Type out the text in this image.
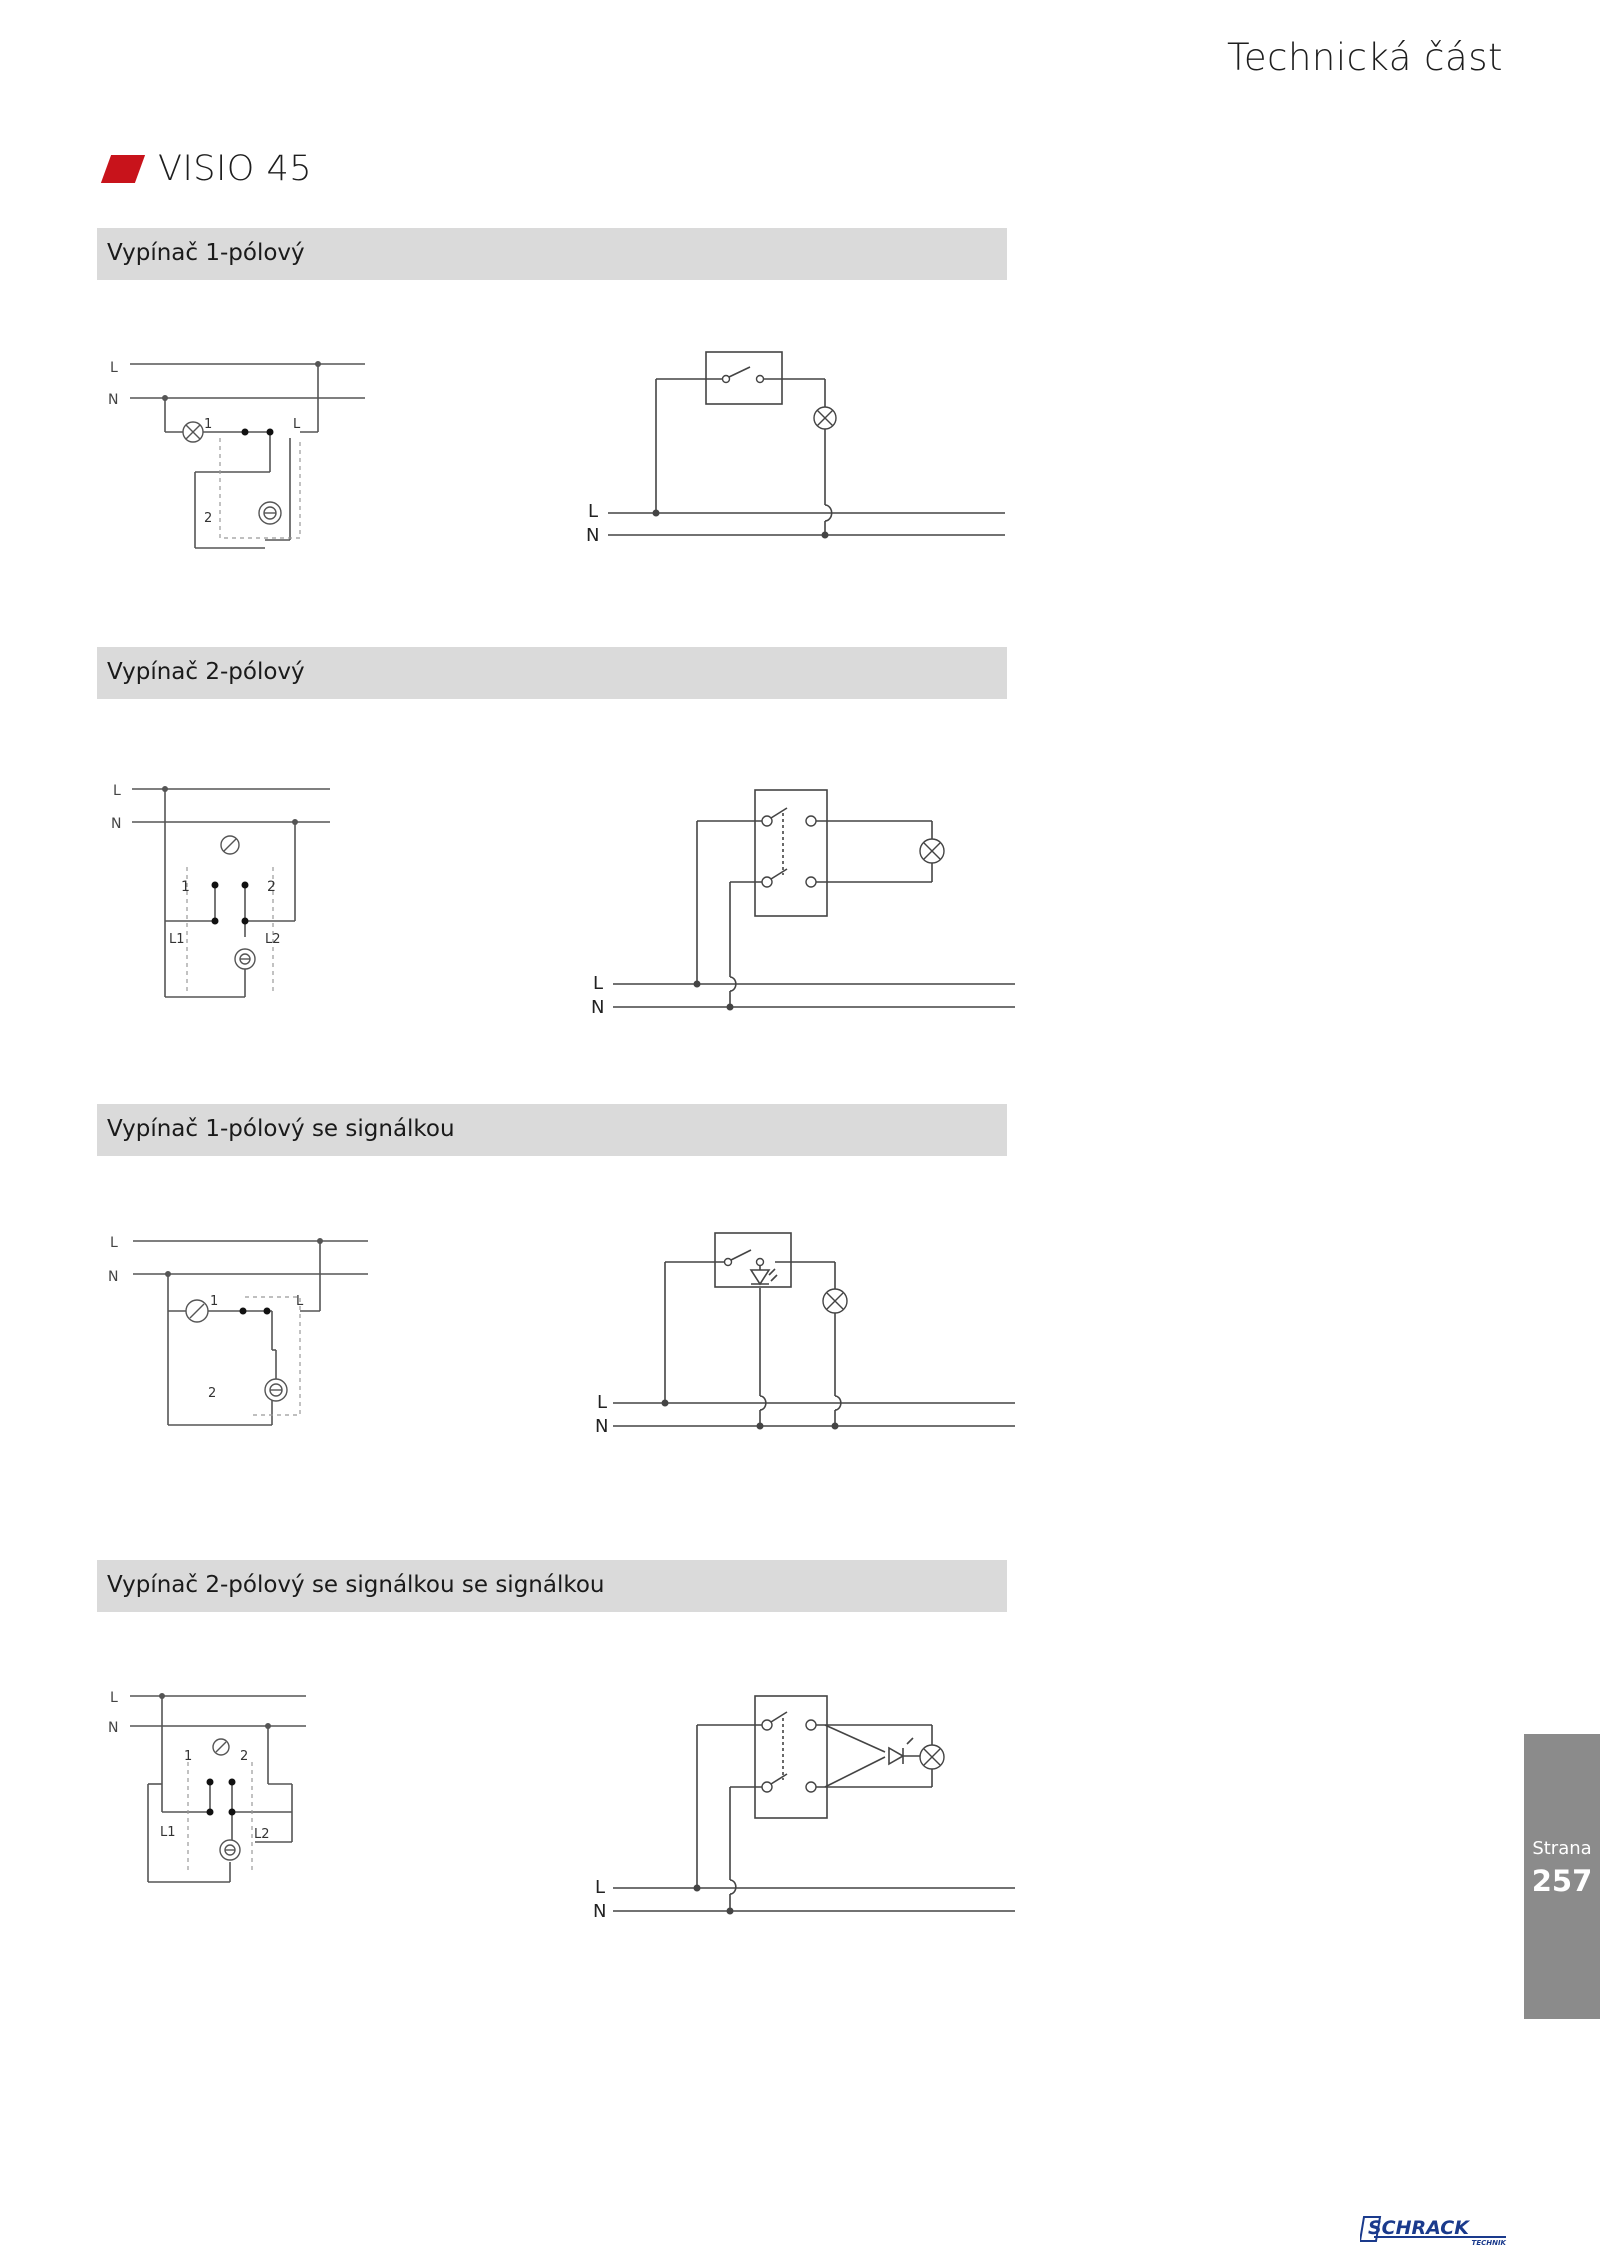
Technická část
VISIO 45
Vypínač 1-pólový
L
N
1
2
L
L
N
Vypínač 2-pólový
L
N
1	2
L1	L2
L
N
Vypínač 1-pólový se signálkou
L
N
1
2
L
L
N
Vypínač 2-pólový se signálkou se signálkou
L
N
1	2
L1	L2
L
N
Strana
257
SCHRACK
TECHNIK
